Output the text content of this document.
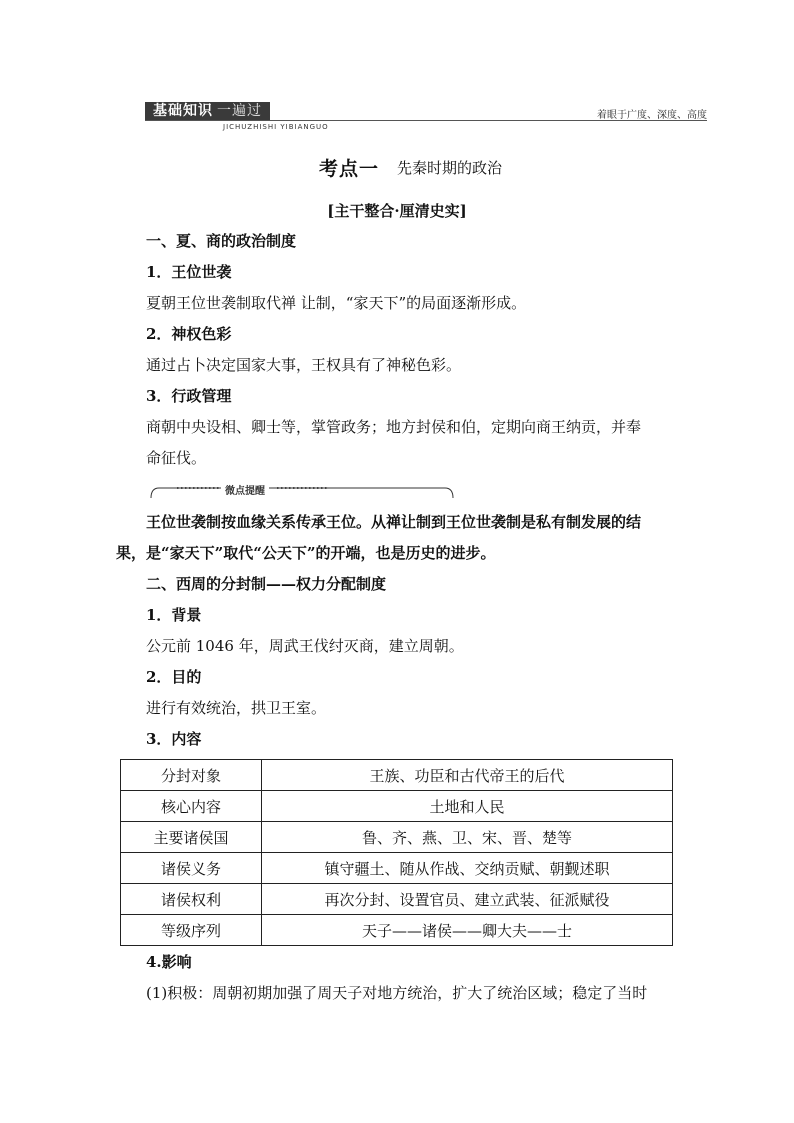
基础知识 一遍过
JICHUZHISHI YIBIANGUO
着眼于广度、深度、高度
考点一	先秦时期的政治
[主干整合·厘清史实]
一、夏、商的政治制度
1．王位世袭
夏朝王位世袭制取代禅 让制，“家天下”的局面逐渐形成。
2．神权色彩
通过占卜决定国家大事，王权具有了神秘色彩。
3．行政管理
商朝中央设相、卿士等，掌管政务；地方封侯和伯，定期向商王纳贡，并奉
命征伐。
微点提醒
王位世袭制按血缘关系传承王位。从禅让制到王位世袭制是私有制发展的结
果，是“家天下”取代“公天下”的开端，也是历史的进步。
二、西周的分封制——权力分配制度
1．背景
公元前 1046 年，周武王伐纣灭商，建立周朝。
2．目的
进行有效统治，拱卫王室。
3．内容
分封对象	王族、功臣和古代帝王的后代
核心内容	土地和人民
主要诸侯国	鲁、齐、燕、卫、宋、晋、楚等
诸侯义务	镇守疆土、随从作战、交纳贡赋、朝觐述职
诸侯权利	再次分封、设置官员、建立武装、征派赋役
等级序列	天子——诸侯——卿大夫——士
4.影响
(1)积极：周朝初期加强了周天子对地方统治，扩大了统治区域；稳定了当时
